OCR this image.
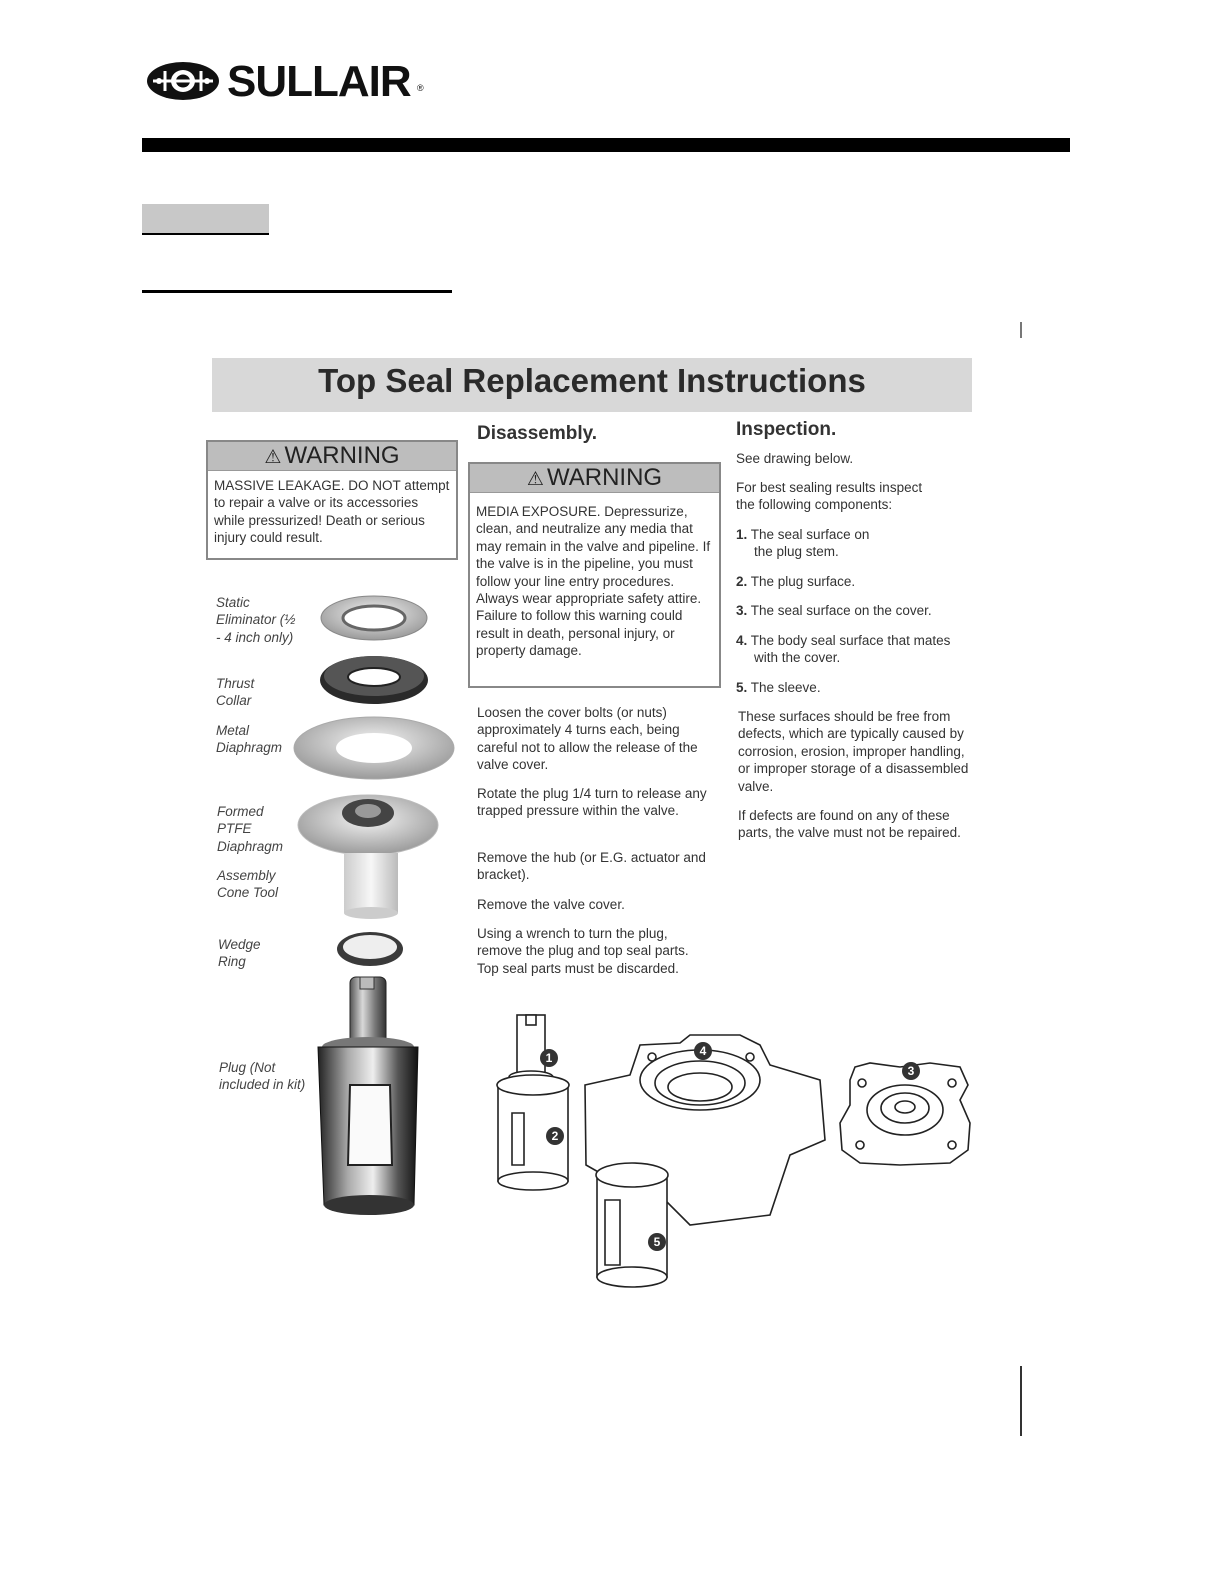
SULLAIR ®
Top Seal Replacement Instructions
⚠ WARNING
MASSIVE LEAKAGE. DO NOT attempt to repair a valve or its accessories while pressurized! Death or serious injury could result.
Disassembly.
⚠ WARNING
MEDIA EXPOSURE. Depressurize, clean, and neutralize any media that may remain in the valve and pipeline. If the valve is in the pipeline, you must follow your line entry procedures. Always wear appropriate safety attire. Failure to follow this warning could result in death, personal injury, or property damage.
Loosen the cover bolts (or nuts) approximately 4 turns each, being careful not to allow the release of the valve cover.
Rotate the plug 1/4 turn to release any trapped pressure within the valve.
Remove the hub (or E.G. actuator and bracket).
Remove the valve cover.
Using a wrench to turn the plug, remove the plug and top seal parts. Top seal parts must be discarded.
Inspection.
See drawing below.
For best sealing results inspect the following components:
1. The seal surface on the plug stem.
2. The plug surface.
3. The seal surface on the cover.
4. The body seal surface that mates with the cover.
5. The sleeve.
These surfaces should be free from defects, which are typically caused by corrosion, erosion, improper handling, or improper storage of a disassembled valve.
If defects are found on any of these parts, the valve must not be repaired.
Static Eliminator (½ - 4 inch only)
Thrust Collar
Metal Diaphragm
Formed PTFE Diaphragm
Assembly Cone Tool
Wedge Ring
Plug (Not included in kit)
1
2
3
4
5
